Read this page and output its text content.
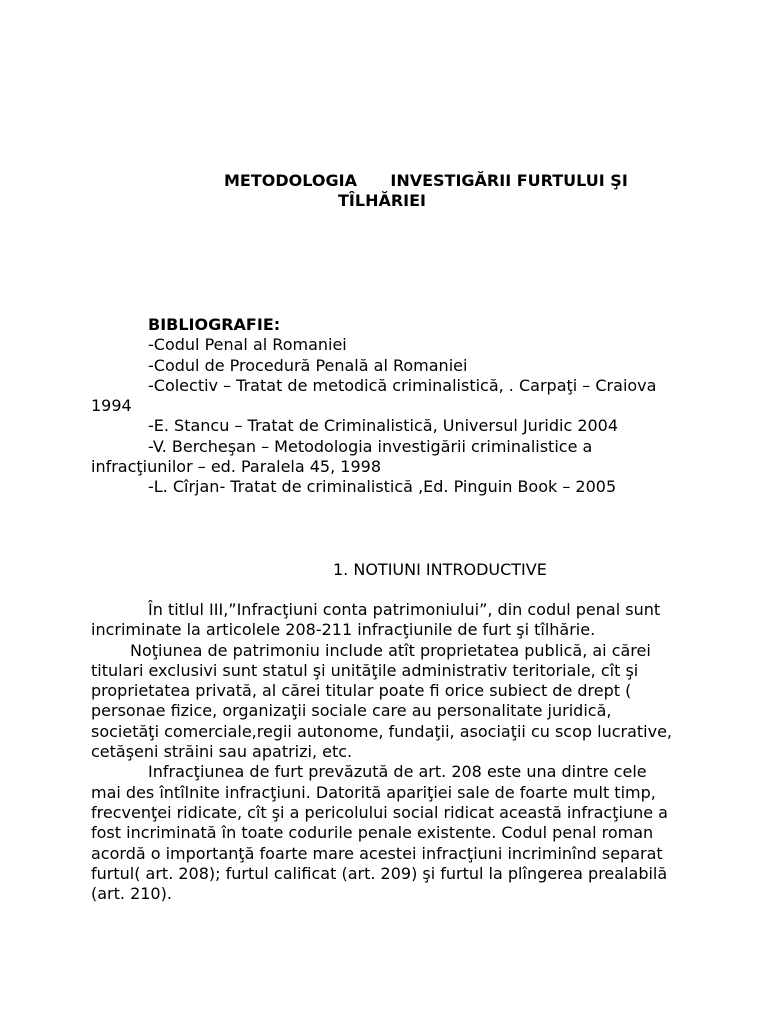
METODOLOGIA      INVESTIGĂRII FURTULUI ŞI
TÎLHĂRIEI
BIBLIOGRAFIE:
-Codul Penal al Romaniei
-Codul de Procedură Penală al Romaniei
-Colectiv – Tratat de metodică criminalistică, . Carpaţi – Craiova 1994
-E. Stancu – Tratat de Criminalistică, Universul Juridic 2004
-V. Bercheşan – Metodologia investigării criminalistice a infracţiunilor – ed. Paralela 45, 1998
-L. Cîrjan- Tratat de criminalistică ,Ed. Pinguin Book – 2005
1. NOTIUNI INTRODUCTIVE

În titlul III,”Infracţiuni conta patrimoniului”, din codul penal sunt incriminate la articolele 208-211 infracţiunile de furt şi tîlhărie.

Noţiunea de patrimoniu include atît proprietatea publică, ai cărei titulari exclusivi sunt statul şi unităţile administrativ teritoriale, cît şi proprietatea privată, al cărei titular poate fi orice subiect de drept ( personae fizice, organizaţii sociale care au personalitate juridică, societăţi comerciale,regii autonome, fundaţii, asociaţii cu scop lucrative, cetăşeni străini sau apatrizi, etc.

Infracţiunea de furt prevăzută de art. 208 este una dintre cele mai des întîlnite infracţiuni. Datorită apariţiei sale de foarte mult timp, frecvenţei ridicate, cît şi a pericolului social ridicat această infracţiune a fost incriminată în toate codurile penale existente. Codul penal roman acordă o importanţă foarte mare acestei infracţiuni incriminînd separat furtul( art. 208); furtul calificat (art. 209) şi furtul la plîngerea prealabilă (art. 210).
